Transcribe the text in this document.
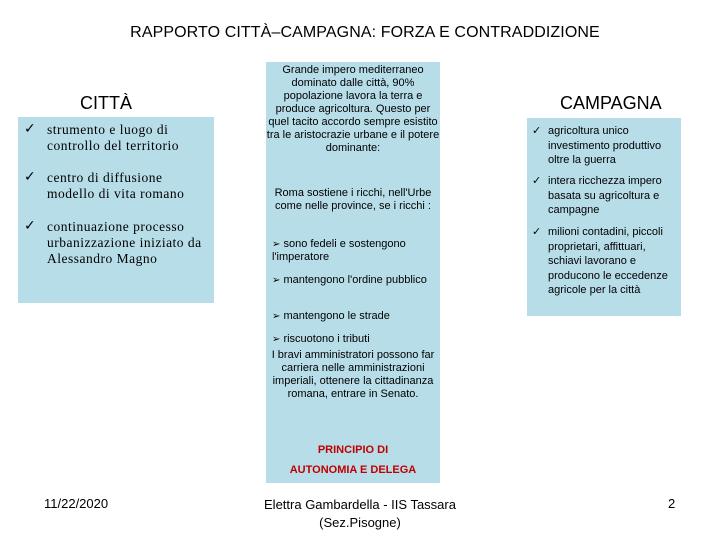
RAPPORTO CITTÀ–CAMPAGNA: FORZA E CONTRADDIZIONE
CITTÀ
✓ strumento e luogo di controllo del territorio
✓ centro di diffusione modello di vita romano
✓ continuazione processo urbanizzazione iniziato da Alessandro Magno
Grande impero mediterraneo dominato dalle città, 90% popolazione lavora la terra e produce agricoltura. Questo per quel tacito accordo sempre esistito tra le aristocrazie urbane e il potere dominante:
Roma sostiene i ricchi, nell'Urbe come nelle province, se i ricchi :
➢ sono fedeli e sostengono l'imperatore
➢ mantengono l'ordine pubblico
➢ mantengono le strade
➢ riscuotono i tributi
I bravi amministratori possono far carriera nelle amministrazioni imperiali, ottenere la cittadinanza romana, entrare in Senato.
PRINCIPIO DI
AUTONOMIA E DELEGA
CAMPAGNA
✓ agricoltura unico investimento produttivo oltre la guerra
✓ intera ricchezza impero basata su agricoltura e campagne
✓ milioni contadini, piccoli proprietari, affittuari, schiavi lavorano e producono le eccedenze agricole per la città
11/22/2020	Elettra Gambardella - IIS Tassara
(Sez.Pisogne)
2
